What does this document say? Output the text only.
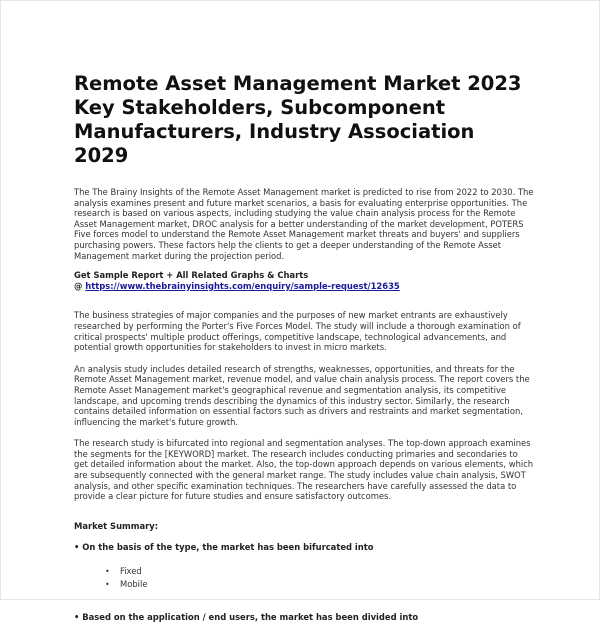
Remote Asset Management Market 2023 Key Stakeholders, Subcomponent Manufacturers, Industry Association 2029

The The Brainy Insights of the Remote Asset Management market is predicted to rise from 2022 to 2030. The analysis examines present and future market scenarios, a basis for evaluating enterprise opportunities. The research is based on various aspects, including studying the value chain analysis process for the Remote Asset Management market, DROC analysis for a better understanding of the market development, POTERS Five forces model to understand the Remote Asset Management market threats and buyers' and suppliers purchasing powers. These factors help the clients to get a deeper understanding of the Remote Asset Management market during the projection period.

Get Sample Report + All Related Graphs & Charts
@ https://www.thebrainyinsights.com/enquiry/sample-request/12635

The business strategies of major companies and the purposes of new market entrants are exhaustively researched by performing the Porter's Five Forces Model. The study will include a thorough examination of critical prospects' multiple product offerings, competitive landscape, technological advancements, and potential growth opportunities for stakeholders to invest in micro markets.

An analysis study includes detailed research of strengths, weaknesses, opportunities, and threats for the Remote Asset Management market, revenue model, and value chain analysis process. The report covers the Remote Asset Management market's geographical revenue and segmentation analysis, its competitive landscape, and upcoming trends describing the dynamics of this industry sector. Similarly, the research contains detailed information on essential factors such as drivers and restraints and market segmentation, influencing the market's future growth.

The research study is bifurcated into regional and segmentation analyses. The top-down approach examines the segments for the [KEYWORD] market. The research includes conducting primaries and secondaries to get detailed information about the market. Also, the top-down approach depends on various elements, which are subsequently connected with the general market range. The study includes value chain analysis, SWOT analysis, and other specific examination techniques. The researchers have carefully assessed the data to provide a clear picture for future studies and ensure satisfactory outcomes.

Market Summary:
• On the basis of the type, the market has been bifurcated into
• Fixed
• Mobile
• Based on the application / end users, the market has been divided into
